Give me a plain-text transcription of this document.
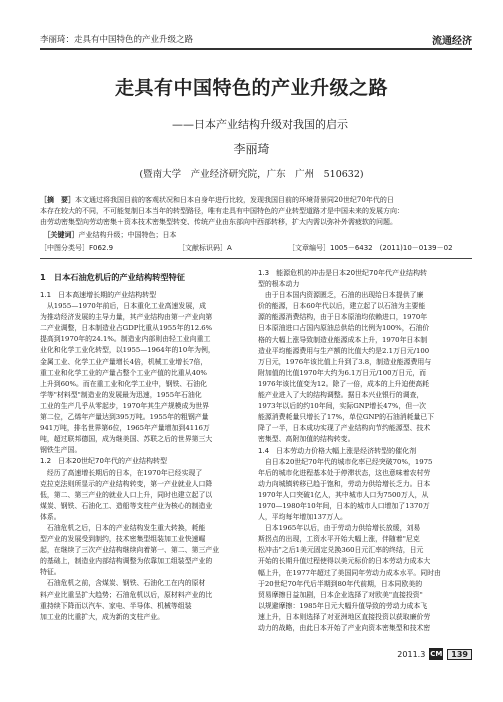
李丽琦：走具有中国特色的产业升级之路	流通经济
走具有中国特色的产业升级之路
——日本产业结构升级对我国的启示
李丽琦
(暨南大学　产业经济研究院，广东　广州　510632)
［摘　要］本文通过将我国目前的客观状况和日本自身年进行比较，发现我国目前的环境背景同20世纪70年代的日
本存在较大的不同，不可能复制日本当年的转型路径，唯有走具有中国特色的产业转型道路才是中国未来的发展方向：
由劳动密集型向劳动密集＋资本技术密集型转变、传统产业由东部向中西部转移，扩大内需以弥补外需疲软的问题。
　［关键词］产业结构升级；中国特色；日本
［中图分类号］F062.9	［文献标识码］A	［文章编号］1005－6432　(2011)10－0139－02
1　日本石油危机后的产业结构转型特征
1.1　日本高速增长期的产业结构转型
　从1955—1970年前后，日本重化工业高速发展，成
为推动经济发展的主导力量，其产业结构由第一产业向第
二产业调整，日本制造业占GDP比重从1955年的12.6%
提高到1970年的24.1%。制造业内部则由轻工业向重工
业化和化学工业化转型，以1955—1964年的10年为例，
金属工业、化学工业产量增长4倍，机械工业增长7倍，
重工业和化学工业的产量占整个工业产值的比重从40%
上升到60%。而在重工业和化学工业中，钢铁、石油化
学等"材料型"制造业的发展最为迅速，1955年石油化
工业的生产几乎从零起步，1970年其生产规模成为世界
第二位，乙烯年产量达到395万吨。1955年的粗钢产量
941万吨，排名世界第6位，1965年产量增加到4116万
吨，超过联邦德国，成为继美国、苏联之后的世界第三大
钢铁生产国。
1.2　日本20世纪70年代的产业结构转型
　经历了高速增长期后的日本，在1970年已经实现了
克拉克法则所显示的产业结构转变，第一产业就业人口降
低，第二、第三产业的就业人口上升，同时也建立起了以
煤炭、钢铁、石油化工、造船等支柱产业为核心的制造业
体系。
　石油危机之后，日本的产业结构发生重大转换，耗能
型产业的发展受到制约，技术密集型组装加工业快速崛
起，在继续了三次产业结构继续向着第一、第二、第三产业
的基础上，制造业内部结构调整为依靠加工组装型产业的
特征。
　石油危机之前，含煤炭、钢铁、石油化工在内的原材
料产业比重呈扩大趋势；石油危机以后，原材料产业的比
重持续下降而以汽车、家电、半导体、机械等组装
加工业的比重扩大，成为新的支柱产业。
1.3　能源危机的冲击是日本20世纪70年代产业结构转
型的根本动力
　由于日本国内资源匮乏，石油的出现给日本提供了廉
价的能源，日本60年代以后，建立起了以石油为主要能
源的能源消费结构，由于日本原油均依赖进口，1970年
日本原油进口占国内原油总供给的比例为100%，石油价
格的大幅上涨导致制造业能源成本上升，1970年日本制
造业平均能源费用与生产额的比值大约是2.1万日元/100
万日元，1976年该比值上升到了3.8，制造业能源费用与
附加值的比值1970年大约为6.1万日元/100万日元，而
1976年该比值变为12。除了一倍，成本的上升迫使高耗
能产业进入了大的结构调整。据日本兴业银行的调查，
1973年以后的约10年间，实际GNP增长47%，但一次
能源消费耗量只增长了17%，单位GNP的石油消耗量已下
降了一半，日本成功实现了产业结构向节约能源型、技术
密集型、高附加值的结构转变。
1.4　日本劳动力价格大幅上涨是经济转型的催化剂
　自日本20世纪70年代的城市化率已经突破70%，1975
年后的城市化进程基本处于停滞状态，这也意味着农村劳
动力向城镇转移已趋于饱和，劳动力供给增长乏力。日本
1970年人口突破1亿人，其中城市人口为7500万人，从
1970—1980年10年间，日本的城市人口增加了1370万
人，平均每年增加137万人。
　日本1965年以后，由于劳动力供给增长放缓，刘易
斯拐点的出现，工资水平开始大幅上涨，伴随着"尼克
松冲击"之后1美元固定兑换360日元汇率的终结，日元
开始的长期升值过程使得以美元标价的日本劳动力成本大
幅上升，在1977年超过了美国同年劳动力成本水平。同时由
于20世纪70年代后半期到80年代前期，日本同欧美的
贸易摩擦日益加剧，日本企业选择了对欧美"直接投资"
以规避摩擦：1985年日元大幅升值导致的劳动力成本飞
速上升，日本则选择了对亚洲地区直接投资以获取廉价劳
动力的战略，由此日本开始了产业向资本密集型和技术密
2011.3 CM	139
